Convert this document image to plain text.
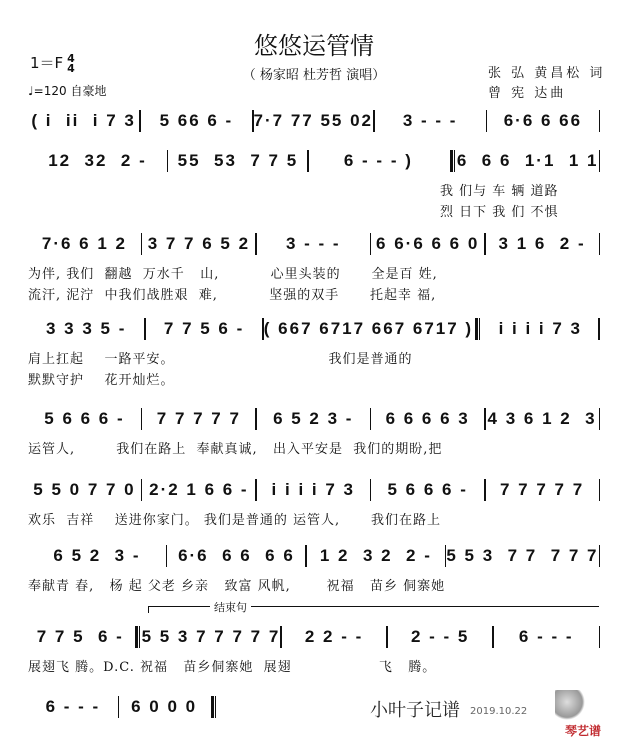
悠悠运管情
1＝F 4
4	（ 杨家昭 杜芳哲 演唱）	张 弘 黄昌松 词
曾 宪 达曲
♩=120 自豪地
( i  ii  i 7 3	5 66 6 -	7·7 77 55 02	3 - - -	6·6 6 66
12  32  2 -	55  53  7 7 5	6 - - - )	6  6 6  1·1  1 1
7·6 6 1 2	3 7 7 6 5 2	3 - - -	6 6·6 6 6 0	3 1 6  2 -
3 3 3 5 -	7 7 5 6 -	( 667 6717 667 6717 )	i i i i 7 3
5 6 6 6 -	7 7 7 7 7	6 5 2 3 -	6 6 6 6 3	4 3 6 1 2  3
5 5 0 7 7 0 2·2 1 6 6 -	i i i i 7 3	5 6 6 6 -	7 7 7 7 7
6 5 2  3 -	6·6  6 6  6 6	1 2  3 2  2 - 5 5 3  7 7  7 7 7
7 7 5  6 -	5 5 3 7 7 7 7 7	2 2 - -	2 - - 5	6 - - -
6 - - -	6 0 0 0
结束句
小叶子记谱 2019.10.22
琴艺谱
我 们与 车 辆 道路
烈 日下 我 们 不惧
为伴, 我们  翻越  万水千   山,          心里头装的      全是百 姓,
流汗, 泥泞  中我们战胜艰  难,          坚强的双手      托起幸 福,
肩上扛起    一路平安。                              我们是普通的
默默守护    花开灿烂。
运管人,        我们在路上  奉献真诚,   出入平安是  我们的期盼,把
欢乐  吉祥    送进你家门。 我们是普通的 运管人,      我们在路上
奉献青 春,   杨 起 父老 乡亲   致富 风帆,       祝福   苗乡 侗寨她
展翅飞 腾。D.C. 祝福   苗乡侗寨她  展翅                 飞   腾。
